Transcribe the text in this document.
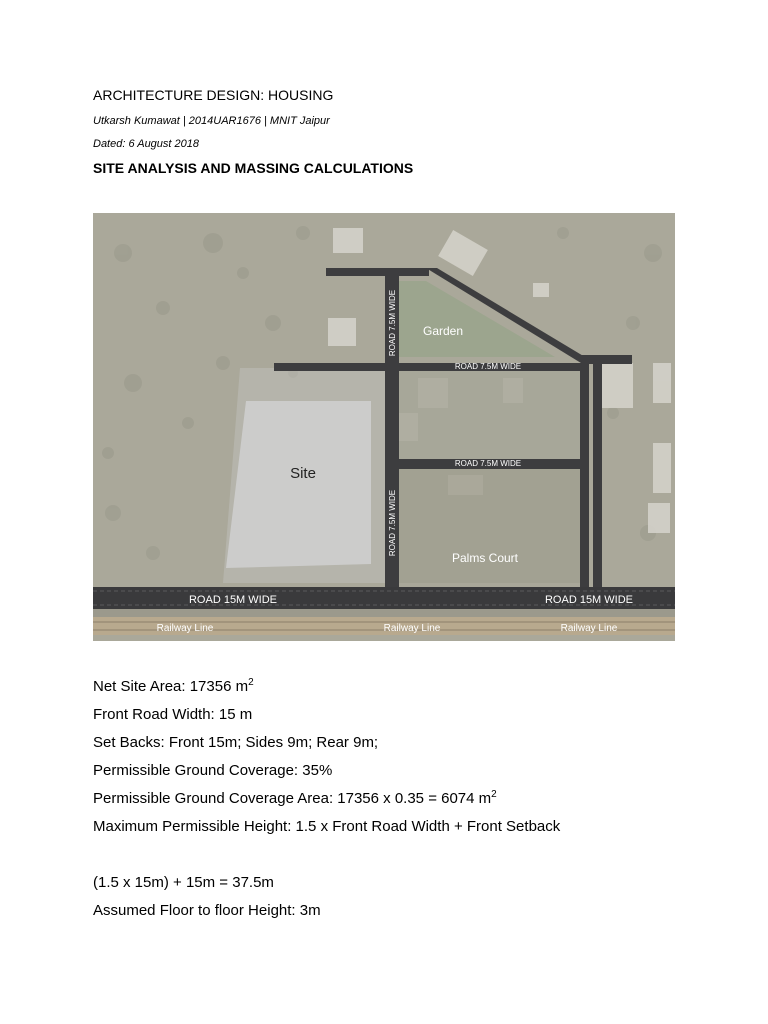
ARCHITECTURE DESIGN: HOUSING
Utkarsh Kumawat | 2014UAR1676 | MNIT Jaipur
Dated: 6 August 2018
SITE ANALYSIS AND MASSING CALCULATIONS
Garden
Site
Palms Court
ROAD 7.5M WIDE
ROAD 7.5M WIDE
ROAD 7.5M WIDE
ROAD 7.5M WIDE
ROAD 15M WIDE	ROAD 15M WIDE
Railway Line	Railway Line	Railway Line
Net Site Area: 17356 $m^2$
Front Road Width: 15 m
Set Backs: Front 15m; Sides 9m; Rear 9m;
Permissible Ground Coverage: 35%
Permissible Ground Coverage Area: 17356 x 0.35 = 6074 $m^2$
Maximum Permissible Height: 1.5 x Front Road Width + Front Setback
(1.5 x 15m) + 15m = 37.5m
Assumed Floor to floor Height: 3m
